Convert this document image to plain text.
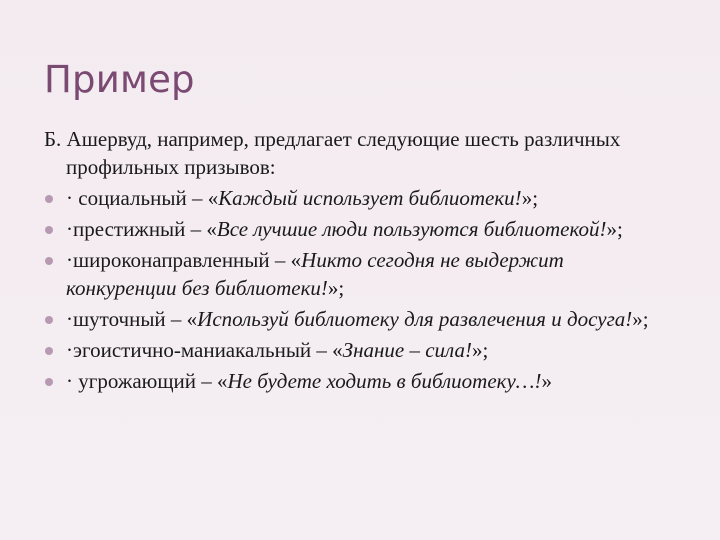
Пример

Б. Ашервуд, например, предлагает следующие шесть различных профильных призывов:

· социальный – «Каждый использует библиотеки!»;
·престижный – «Все лучшие люди пользуются библиотекой!»;
·широконаправленный – «Никто сегодня не выдержит конкуренции без библиотеки!»;
·шуточный – «Используй библиотеку для развлечения и досуга!»;
·эгоистично-маниакальный – «Знание – сила!»;
· угрожающий – «Не будете ходить в библиотеку…!»
